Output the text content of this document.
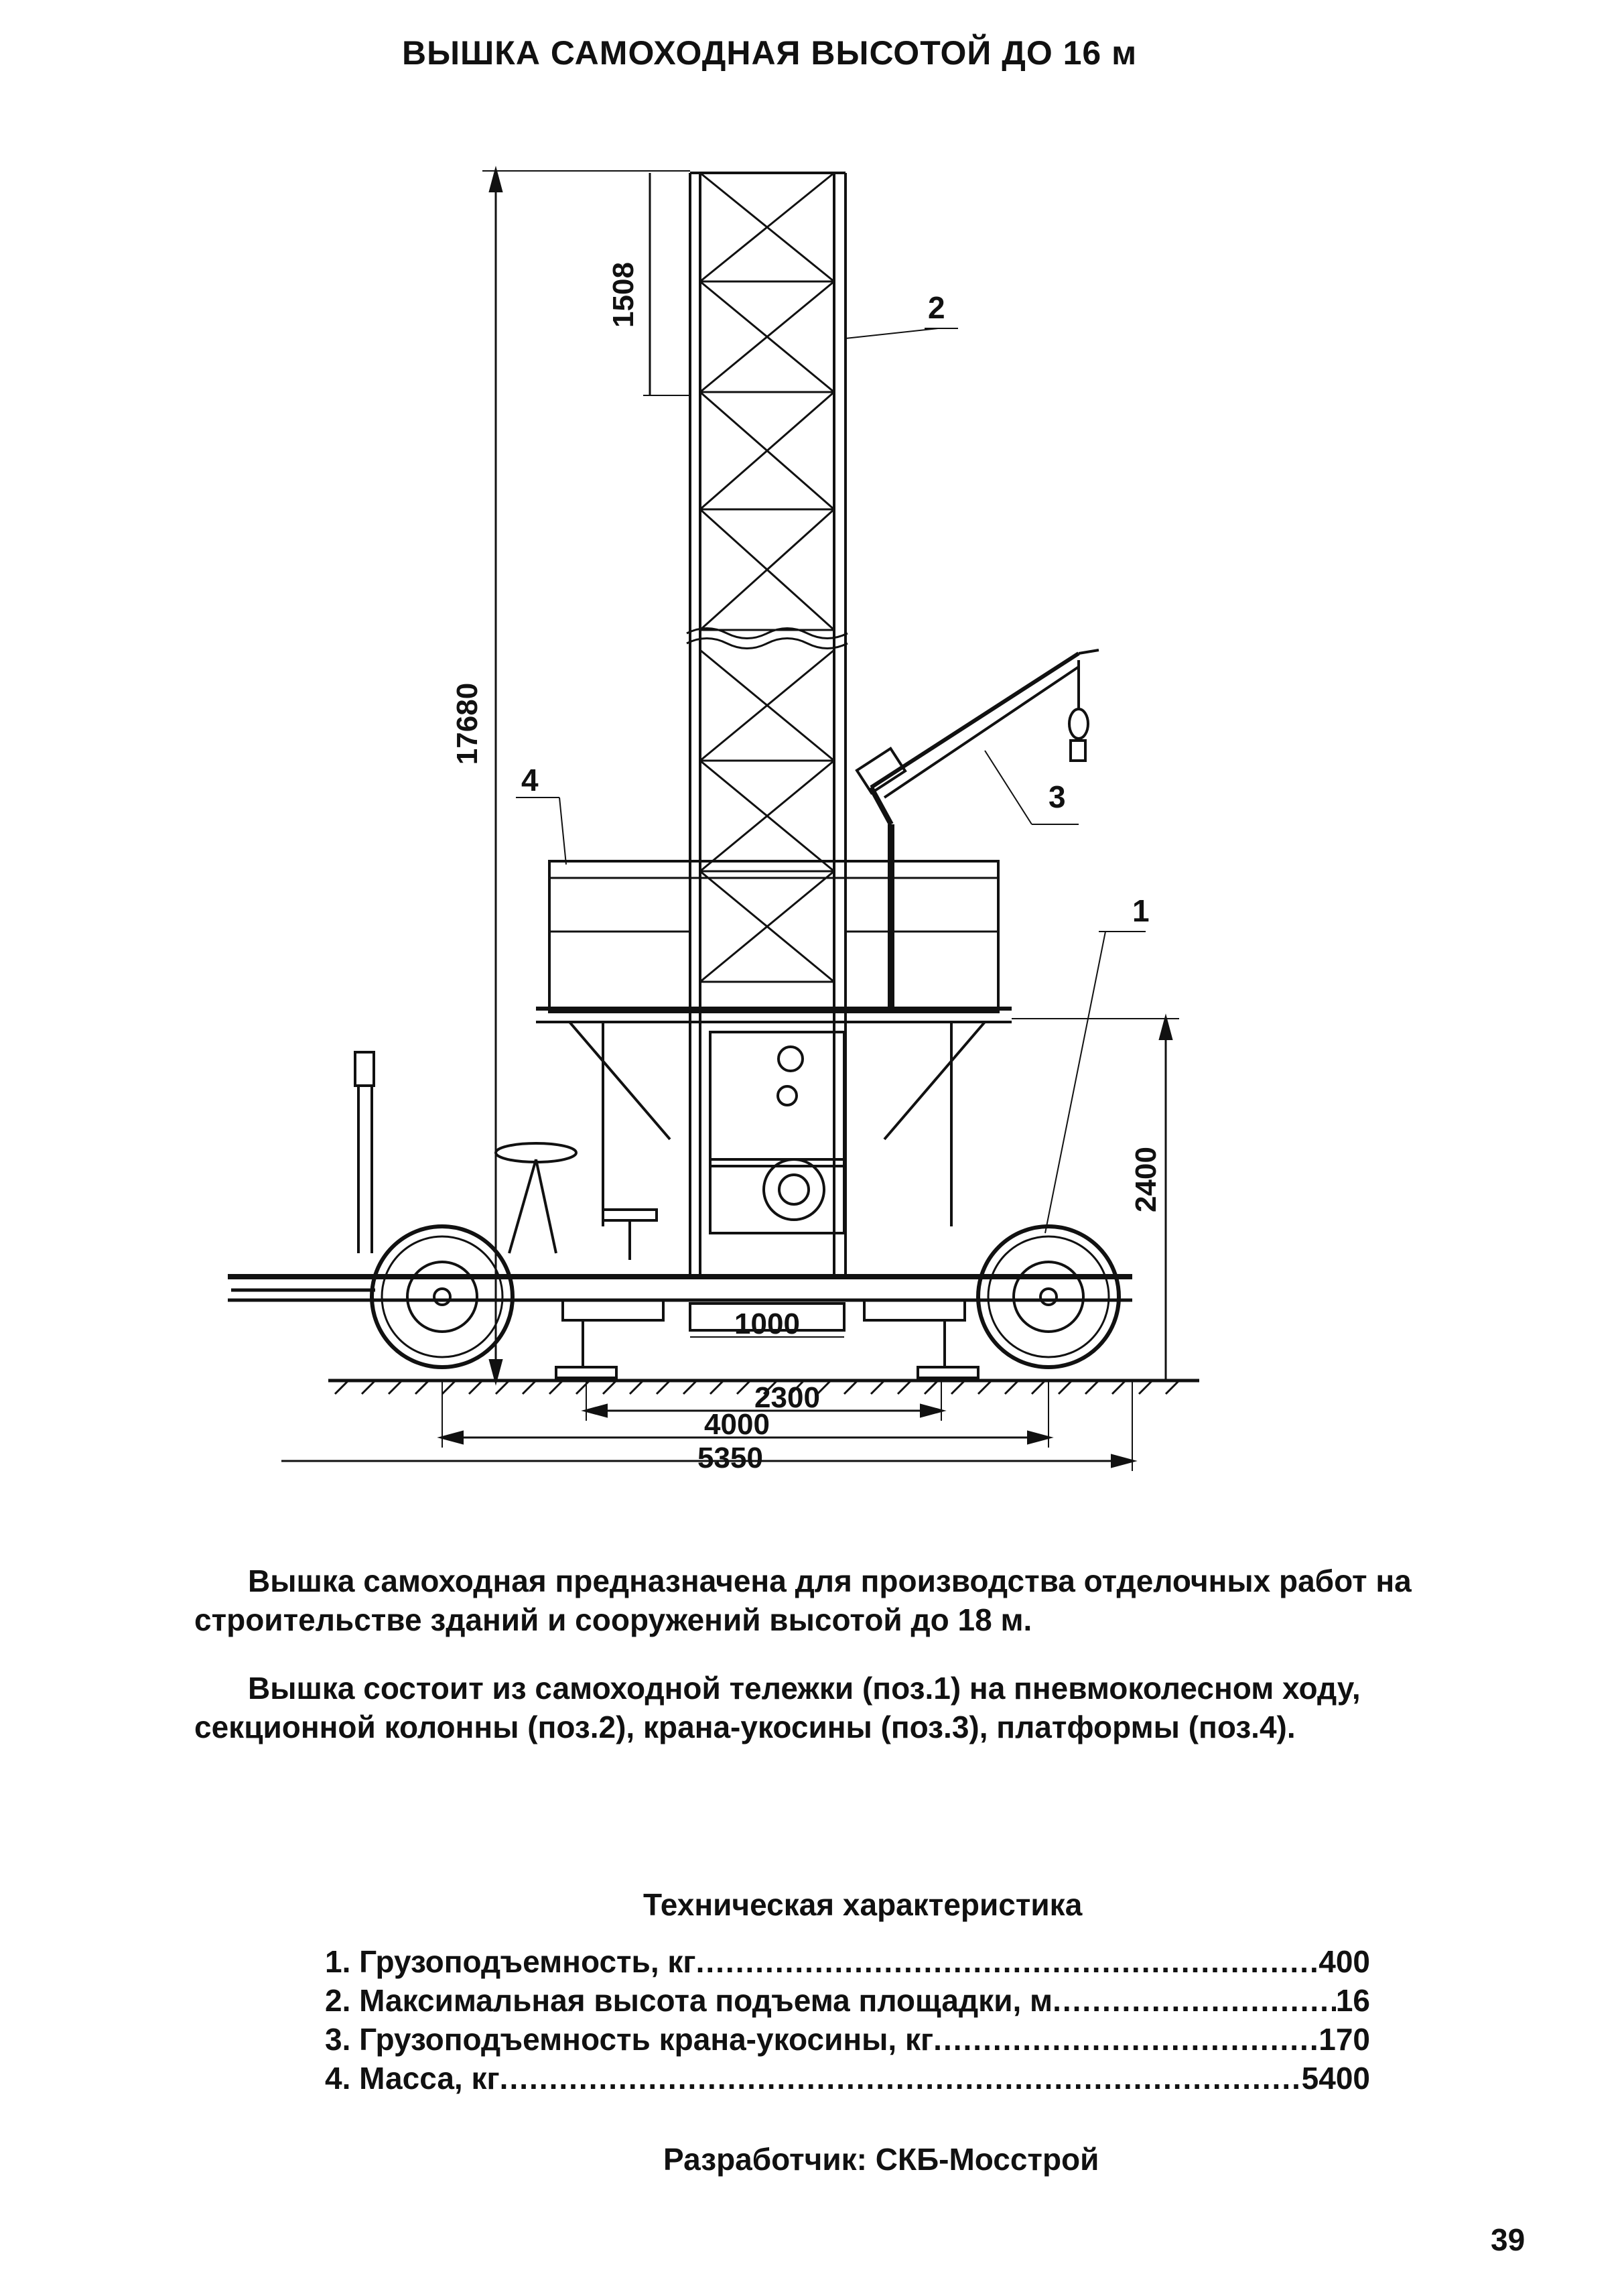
ВЫШКА САМОХОДНАЯ ВЫСОТОЙ ДО 16 м
17680
1508
2400
1000
2300
4000
5350
2
4	3
1
Вышка самоходная предназначена для производства отделочных работ на
строительстве зданий и сооружений высотой до 18 м.
Вышка состоит из самоходной тележки (поз.1) на пневмоколесном ходу,
секционной колонны (поз.2), крана-укосины (поз.3), платформы (поз.4).
Техническая характеристика
1. Грузоподъемность, кг .....	400
2. Максимальная высота подъема площадки, м .....	16
3. Грузоподъемность крана-укосины, кг .....	170
4. Масса, кг .....	5400
Разработчик: СКБ-Мосстрой
39
